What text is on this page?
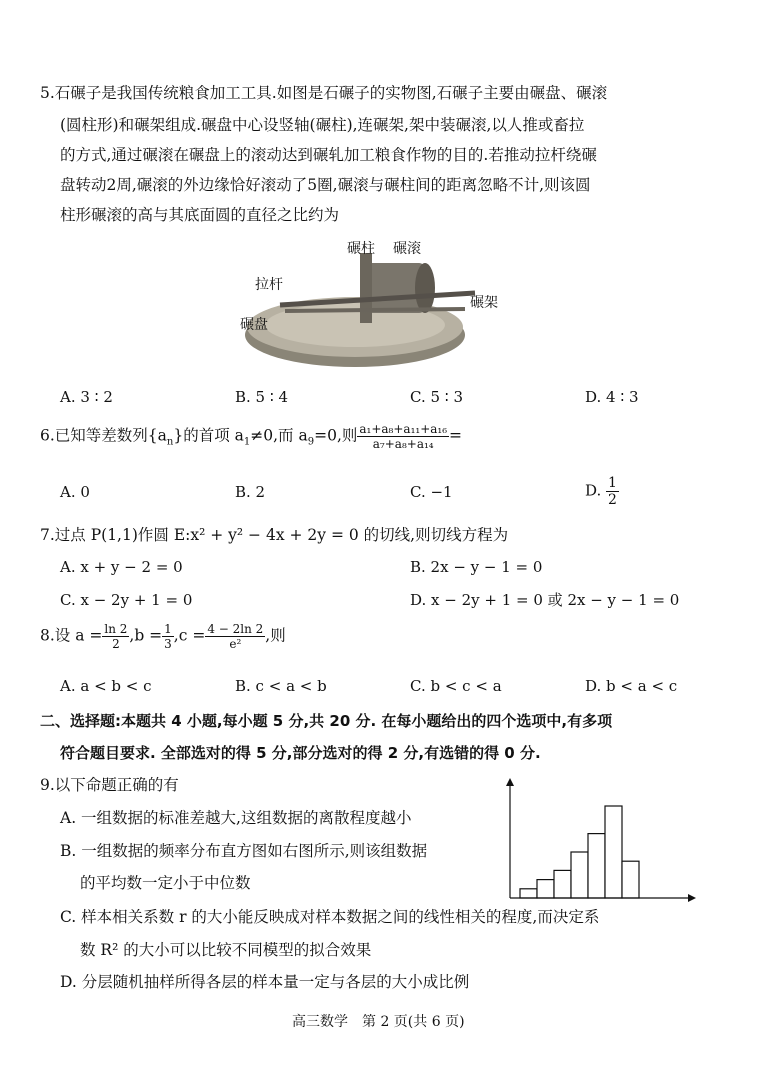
5.石碾子是我国传统粮食加工工具.如图是石碾子的实物图,石碾子主要由碾盘、碾滚
(圆柱形)和碾架组成.碾盘中心设竖轴(碾柱),连碾架,架中装碾滚,以人推或畜拉
的方式,通过碾滚在碾盘上的滚动达到碾轧加工粮食作物的目的.若推动拉杆绕碾
盘转动2周,碾滚的外边缘恰好滚动了5圈,碾滚与碾柱间的距离忽略不计,则该圆
柱形碾滚的高与其底面圆的直径之比约为
碾柱 碾滚
拉杆
碾架
碾盘
A. 3 ∶ 2	B. 5 ∶ 4	C. 5 ∶ 3	D. 4 ∶ 3
6.已知等差数列$\{a_n\}$的首项 $a_1\ne 0$,而 $a_9=0$,则 $\frac{\text{a₁+a₈+a₁₁+a₁₆}}{\text{a₇+a₈+a₁₄}}$ =
A. 0	B. 2	C. −1	D. $\frac{1}{2}$
7.过点 P(1,1)作圆 E:x² + y² − 4x + 2y = 0 的切线,则切线方程为
A. x + y − 2 = 0	B. 2x − y − 1 = 0
C. x − 2y + 1 = 0	D. x − 2y + 1 = 0 或 2x − y − 1 = 0
8.设 $a = \frac{\ln 2}{2} ,b = \frac{1}{3} ,c = \frac{4 - 2\ln 2}{\text{e²}}$ ,则
A. a < b < c	B. c < a < b	C. b < c < a	D. b < a < c
二、选择题:本题共 4 小题,每小题 5 分,共 20 分. 在每小题给出的四个选项中,有多项
符合题目要求. 全部选对的得 5 分,部分选对的得 2 分,有选错的得 0 分.
9.以下命题正确的有
A. 一组数据的标准差越大,这组数据的离散程度越小
B. 一组数据的频率分布直方图如右图所示,则该组数据
的平均数一定小于中位数
C. 样本相关系数 r 的大小能反映成对样本数据之间的线性相关的程度,而决定系
数 R² 的大小可以比较不同模型的拟合效果
D. 分层随机抽样所得各层的样本量一定与各层的大小成比例
高三数学　第 2 页(共 6 页)
